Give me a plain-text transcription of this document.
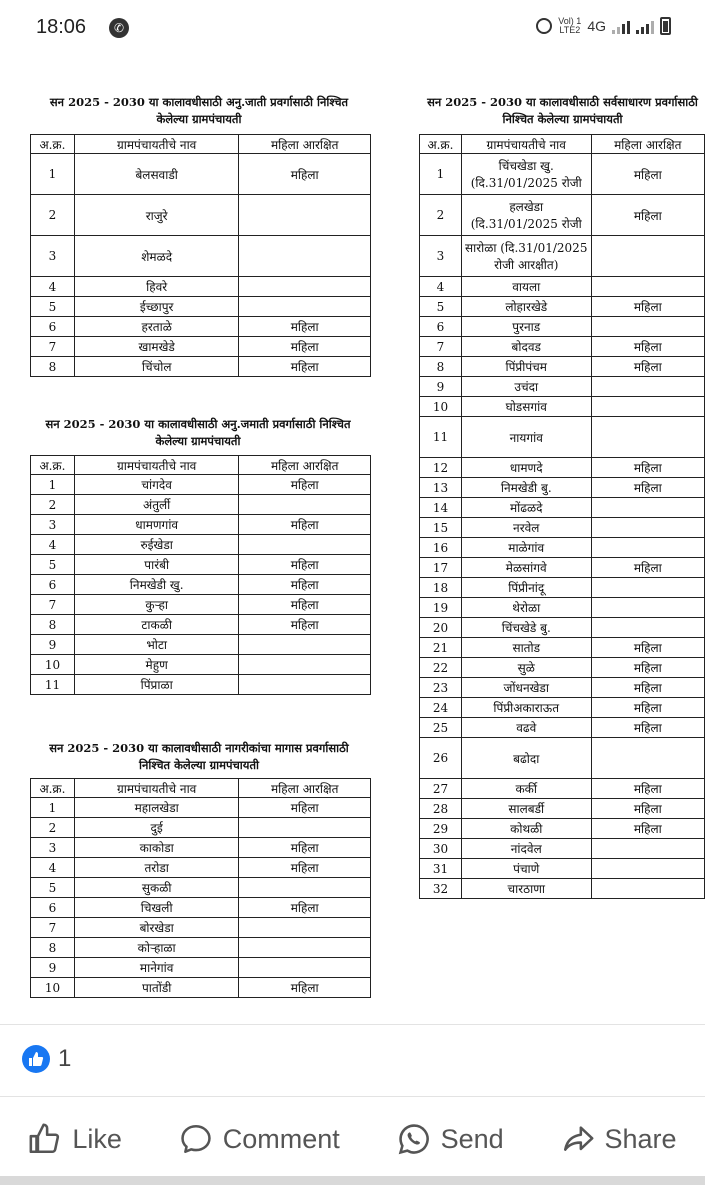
18:06	✆	Vol) 1
LTE2 4G
सन 2025 - 2030 या कालावधीसाठी अनु.जाती प्रवर्गासाठी निश्चित केलेल्या ग्रामपंचायती
अ.क्र.	ग्रामपंचायतीचे नाव	महिला आरक्षित
1	बेलसवाडी	महिला
2	राजुरे	
3	शेमळदे	
4	हिवरे	
5	ईच्छापुर	
6	हरताळे	महिला
7	खामखेडे	महिला
8	चिंचोल	महिला
सन 2025 - 2030 या कालावधीसाठी अनु.जमाती प्रवर्गासाठी निश्चित केलेल्या ग्रामपंचायती
अ.क्र.	ग्रामपंचायतीचे नाव	महिला आरक्षित
1	चांगदेव	महिला
2	अंतुर्ली	
3	धामणगांव	महिला
4	रुईखेडा	
5	पारंबी	महिला
6	निमखेडी खु.	महिला
7	कुऱ्हा	महिला
8	टाकळी	महिला
9	भोटा	
10	मेहुण	
11	पिंप्राळा	
सन 2025 - 2030 या कालावधीसाठी नागरीकांचा मागास प्रवर्गासाठी निश्चित केलेल्या ग्रामपंचायती
अ.क्र.	ग्रामपंचायतीचे नाव	महिला आरक्षित
1	महालखेडा	महिला
2	दुई	
3	काकोडा	महिला
4	तरोडा	महिला
5	सुकळी	
6	चिखली	महिला
7	बोरखेडा	
8	कोऱ्हाळा	
9	मानेगांव	
10	पातोंडी	महिला
सन 2025 - 2030 या कालावधीसाठी सर्वसाधारण प्रवर्गासाठी निश्चित केलेल्या ग्रामपंचायती
अ.क्र.	ग्रामपंचायतीचे नाव	महिला आरक्षित
1	चिंचखेडा खु. (दि.31/01/2025 रोजी	महिला
2	हलखेडा (दि.31/01/2025 रोजी	महिला
3	सारोळा (दि.31/01/2025 रोजी आरक्षीत)	
4	वायला	
5	लोहारखेडे	महिला
6	पुरनाड	
7	बोदवड	महिला
8	पिंप्रीपंचम	महिला
9	उचंदा	
10	घोडसगांव	
11	नायगांव	
12	धामणदे	महिला
13	निमखेडी बु.	महिला
14	मोंढळदे	
15	नरवेल	
16	माळेगांव	
17	मेळसांगवे	महिला
18	पिंप्रीनांदू	
19	थेरोळा	
20	चिंचखेडे बु.	
21	सातोड	महिला
22	सुळे	महिला
23	जोंधनखेडा	महिला
24	पिंप्रीअकाराऊत	महिला
25	वढवे	महिला
26	बढोदा	
27	कर्की	महिला
28	सालबर्डी	महिला
29	कोथळी	महिला
30	नांदवेल	
31	पंचाणे	
32	चारठाणा	
1
Like	Comment	Send	Share
